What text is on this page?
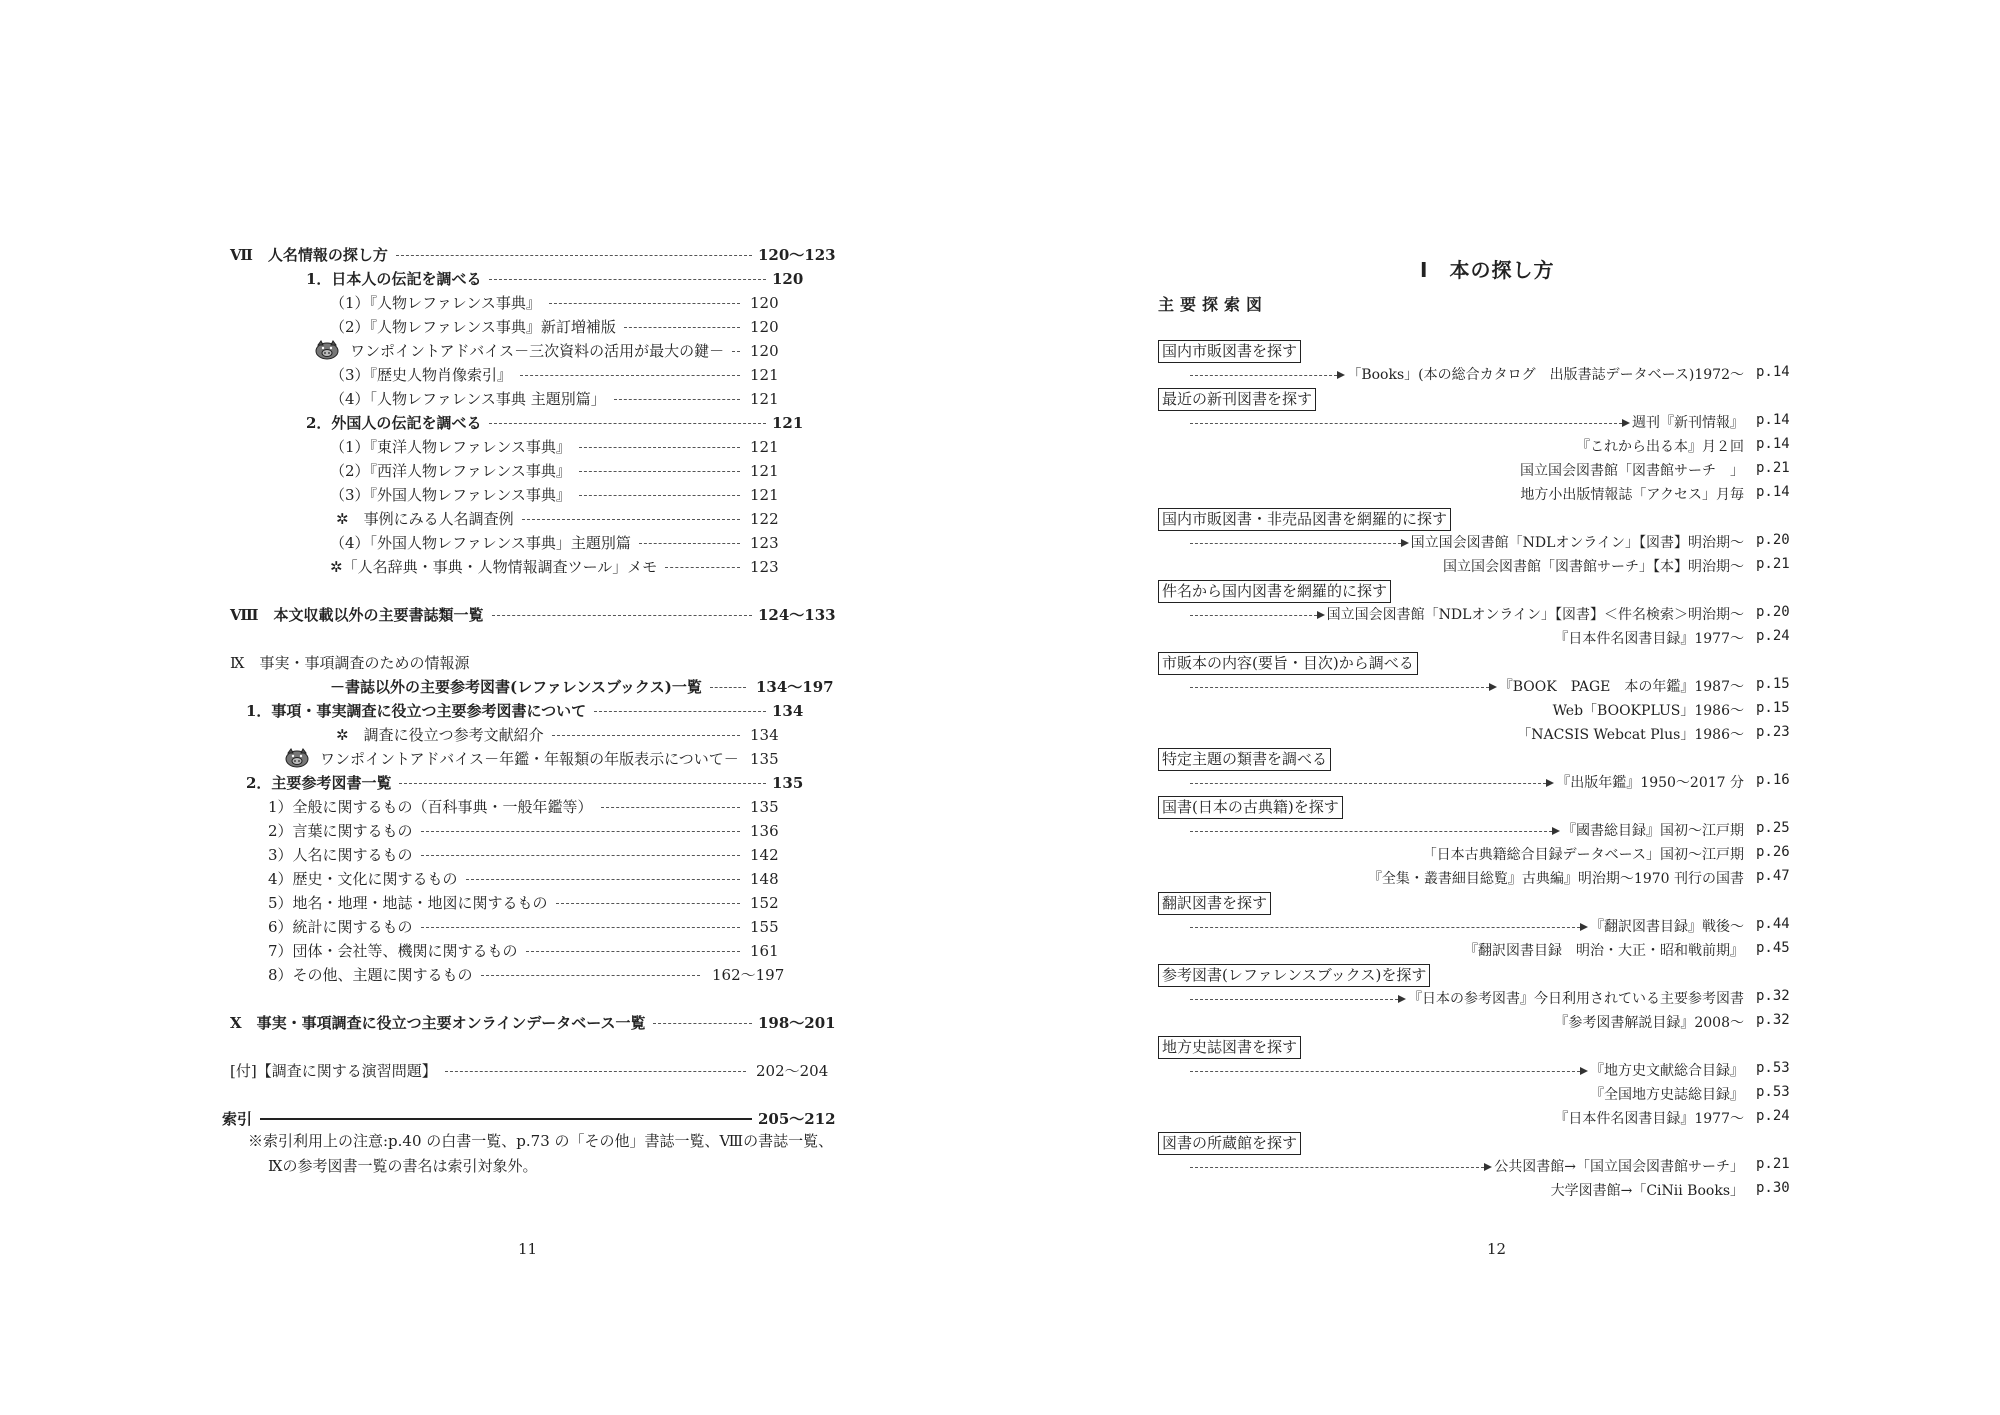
Ⅶ　人名情報の探し方	120～123
1．日本人の伝記を調べる	120
（1）『人物レファレンス事典』	120
（2）『人物レファレンス事典』新訂増補版	120
ワンポイントアドバイス－三次資料の活用が最大の鍵－ 120
（3）『歴史人物肖像索引』	121
（4）「人物レファレンス事典 主題別篇」	121
2．外国人の伝記を調べる	121
（1）『東洋人物レファレンス事典』	121
（2）『西洋人物レファレンス事典』	121
（3）『外国人物レファレンス事典』	121
✲　事例にみる人名調査例	122
（4）「外国人物レファレンス事典」主題別篇	123
✲「人名辞典・事典・人物情報調査ツール」メモ	123
Ⅷ　本文収載以外の主要書誌類一覧	124～133
Ⅸ　事実・事項調査のための情報源
－書誌以外の主要参考図書(レファレンスブックス)一覧	134～197
1．事項・事実調査に役立つ主要参考図書について	134
✲　調査に役立つ参考文献紹介	134
ワンポイントアドバイス－年鑑・年報類の年版表示について－ 135
2．主要参考図書一覧	135
1）全般に関するもの（百科事典・一般年鑑等）	135
2）言葉に関するもの	136
3）人名に関するもの	142
4）歴史・文化に関するもの	148
5）地名・地理・地誌・地図に関するもの	152
6）統計に関するもの	155
7）団体・会社等、機関に関するもの	161
8）その他、主題に関するもの	162～197
Ⅹ　事実・事項調査に役立つ主要オンラインデータベース一覧	198～201
[付]【調査に関する演習問題】	202～204
索引	205～212
※索引利用上の注意:p.40 の白書一覧、p.73 の「その他」書誌一覧、Ⅷの書誌一覧、
Ⅸの参考図書一覧の書名は索引対象外。
11
Ⅰ　本の探し方
主要探索図
国内市販図書を探す
「Books」(本の総合カタログ　出版書誌データベース)1972～ p.14
最近の新刊図書を探す
週刊『新刊情報』 p.14
『これから出る本』月２回 p.14
国立国会図書館「図書館サーチ　」 p.21
地方小出版情報誌「アクセス」月毎 p.14
国内市販図書・非売品図書を網羅的に探す
国立国会図書館「NDLオンライン」【図書】明治期～ p.20
国立国会図書館「図書館サーチ」【本】明治期～ p.21
件名から国内図書を網羅的に探す
国立国会図書館「NDLオンライン」【図書】＜件名検索＞明治期～ p.20
『日本件名図書目録』1977～ p.24
市販本の内容(要旨・目次)から調べる
『BOOK　PAGE　本の年鑑』1987～ p.15
Web「BOOKPLUS」1986～ p.15
「NACSIS Webcat Plus」1986～ p.23
特定主題の類書を調べる
『出版年鑑』1950～2017 分 p.16
国書(日本の古典籍)を探す
『國書総目録』国初～江戸期 p.25
「日本古典籍総合目録データベース」国初～江戸期 p.26
『全集・叢書細目総覧』古典編』明治期～1970 刊行の国書 p.47
翻訳図書を探す
『翻訳図書目録』戦後～ p.44
『翻訳図書目録　明治・大正・昭和戦前期』 p.45
参考図書(レファレンスブックス)を探す
『日本の参考図書』今日利用されている主要参考図書 p.32
『参考図書解説目録』2008～ p.32
地方史誌図書を探す
『地方史文献総合目録』 p.53
『全国地方史誌総目録』 p.53
『日本件名図書目録』1977～ p.24
図書の所蔵館を探す
公共図書館→「国立国会図書館サーチ」 p.21
大学図書館→「CiNii Books」 p.30
12
